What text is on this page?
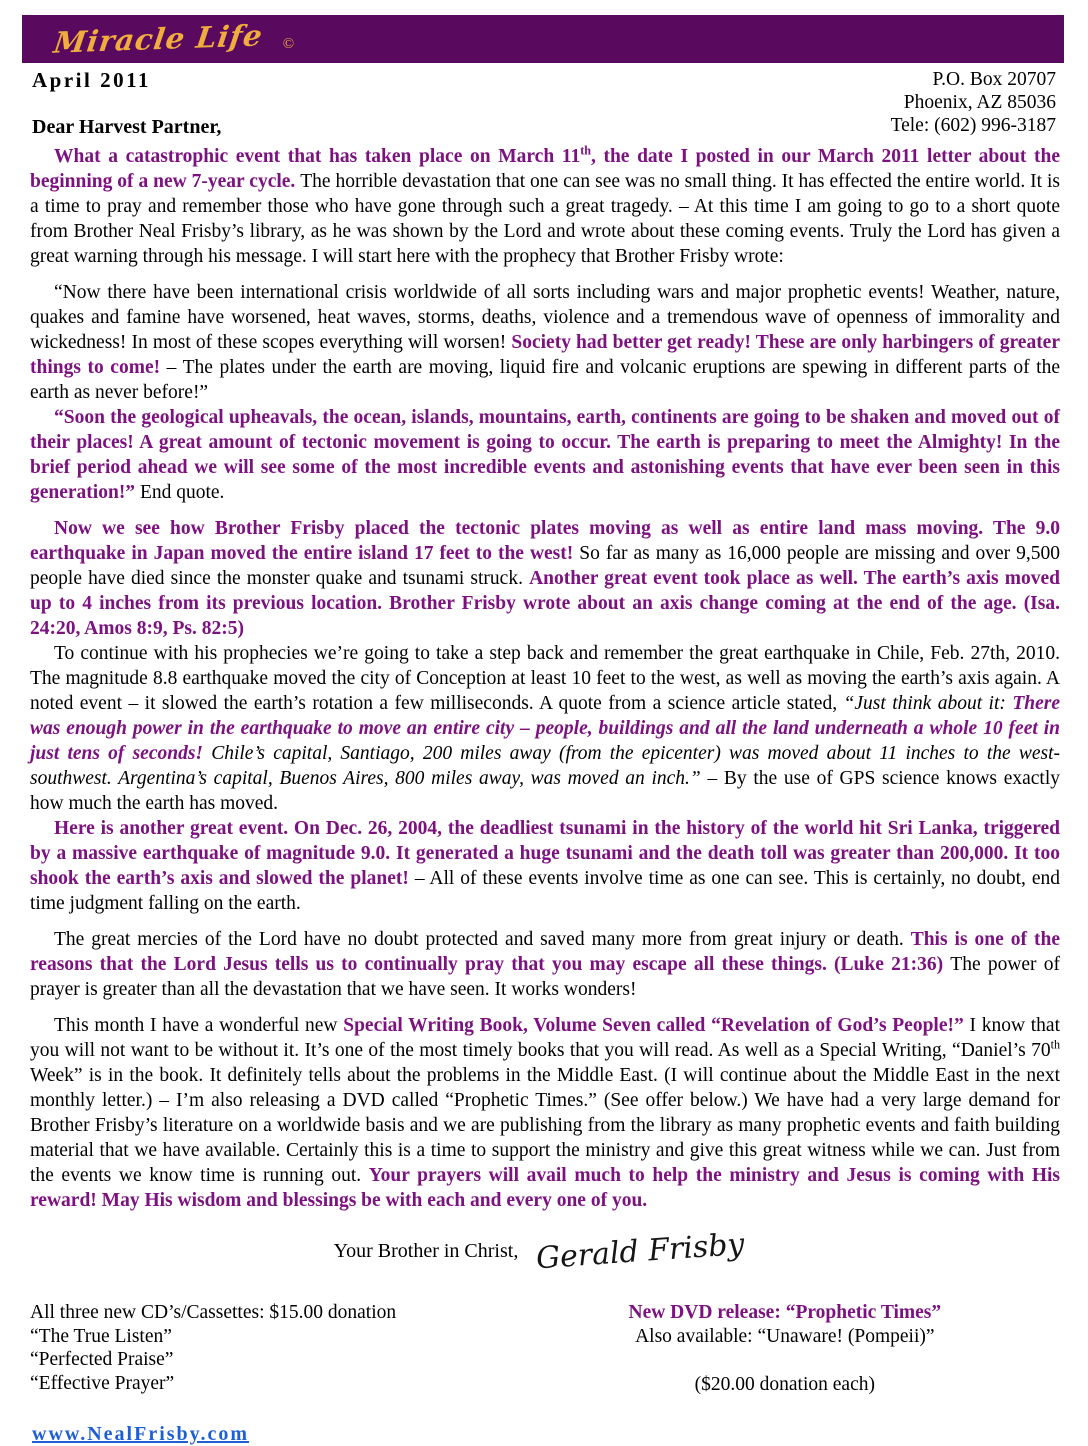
Miracle Life ©
April 2011
Dear Harvest Partner,
P.O. Box 20707
Phoenix, AZ 85036
Tele: (602) 996-3187

What a catastrophic event that has taken place on March 11th, the date I posted in our March 2011 letter about the beginning of a new 7-year cycle. The horrible devastation that one can see was no small thing. It has effected the entire world. It is a time to pray and remember those who have gone through such a great tragedy. – At this time I am going to go to a short quote from Brother Neal Frisby’s library, as he was shown by the Lord and wrote about these coming events. Truly the Lord has given a great warning through his message. I will start here with the prophecy that Brother Frisby wrote:

“Now there have been international crisis worldwide of all sorts including wars and major prophetic events! Weather, nature, quakes and famine have worsened, heat waves, storms, deaths, violence and a tremendous wave of openness of immorality and wickedness! In most of these scopes everything will worsen! Society had better get ready! These are only harbingers of greater things to come! – The plates under the earth are moving, liquid fire and volcanic eruptions are spewing in different parts of the earth as never before!”

“Soon the geological upheavals, the ocean, islands, mountains, earth, continents are going to be shaken and moved out of their places! A great amount of tectonic movement is going to occur. The earth is preparing to meet the Almighty! In the brief period ahead we will see some of the most incredible events and astonishing events that have ever been seen in this generation!” End quote.

Now we see how Brother Frisby placed the tectonic plates moving as well as entire land mass moving. The 9.0 earthquake in Japan moved the entire island 17 feet to the west! So far as many as 16,000 people are missing and over 9,500 people have died since the monster quake and tsunami struck. Another great event took place as well. The earth’s axis moved up to 4 inches from its previous location. Brother Frisby wrote about an axis change coming at the end of the age. (Isa. 24:20, Amos 8:9, Ps. 82:5)

To continue with his prophecies we’re going to take a step back and remember the great earthquake in Chile, Feb. 27th, 2010. The magnitude 8.8 earthquake moved the city of Conception at least 10 feet to the west, as well as moving the earth’s axis again. A noted event – it slowed the earth’s rotation a few milliseconds. A quote from a science article stated, “Just think about it: There was enough power in the earthquake to move an entire city – people, buildings and all the land underneath a whole 10 feet in just tens of seconds! Chile’s capital, Santiago, 200 miles away (from the epicenter) was moved about 11 inches to the west-southwest. Argentina’s capital, Buenos Aires, 800 miles away, was moved an inch.” – By the use of GPS science knows exactly how much the earth has moved.

Here is another great event. On Dec. 26, 2004, the deadliest tsunami in the history of the world hit Sri Lanka, triggered by a massive earthquake of magnitude 9.0. It generated a huge tsunami and the death toll was greater than 200,000. It too shook the earth’s axis and slowed the planet! – All of these events involve time as one can see. This is certainly, no doubt, end time judgment falling on the earth.

The great mercies of the Lord have no doubt protected and saved many more from great injury or death. This is one of the reasons that the Lord Jesus tells us to continually pray that you may escape all these things. (Luke 21:36) The power of prayer is greater than all the devastation that we have seen. It works wonders!

This month I have a wonderful new Special Writing Book, Volume Seven called “Revelation of God’s People!” I know that you will not want to be without it. It’s one of the most timely books that you will read. As well as a Special Writing, “Daniel’s 70th Week” is in the book. It definitely tells about the problems in the Middle East. (I will continue about the Middle East in the next monthly letter.) – I’m also releasing a DVD called “Prophetic Times.” (See offer below.) We have had a very large demand for Brother Frisby’s literature on a worldwide basis and we are publishing from the library as many prophetic events and faith building material that we have available. Certainly this is a time to support the ministry and give this great witness while we can. Just from the events we know time is running out. Your prayers will avail much to help the ministry and Jesus is coming with His reward! May His wisdom and blessings be with each and every one of you.

Your Brother in Christ, Gerald Frisby

All three new CD’s/Cassettes: $15.00 donation

“The True Listen”

“Perfected Praise”

“Effective Prayer”

New DVD release: “Prophetic Times”

Also available: “Unaware! (Pompeii)”

($20.00 donation each)

www.NealFrisby.com
